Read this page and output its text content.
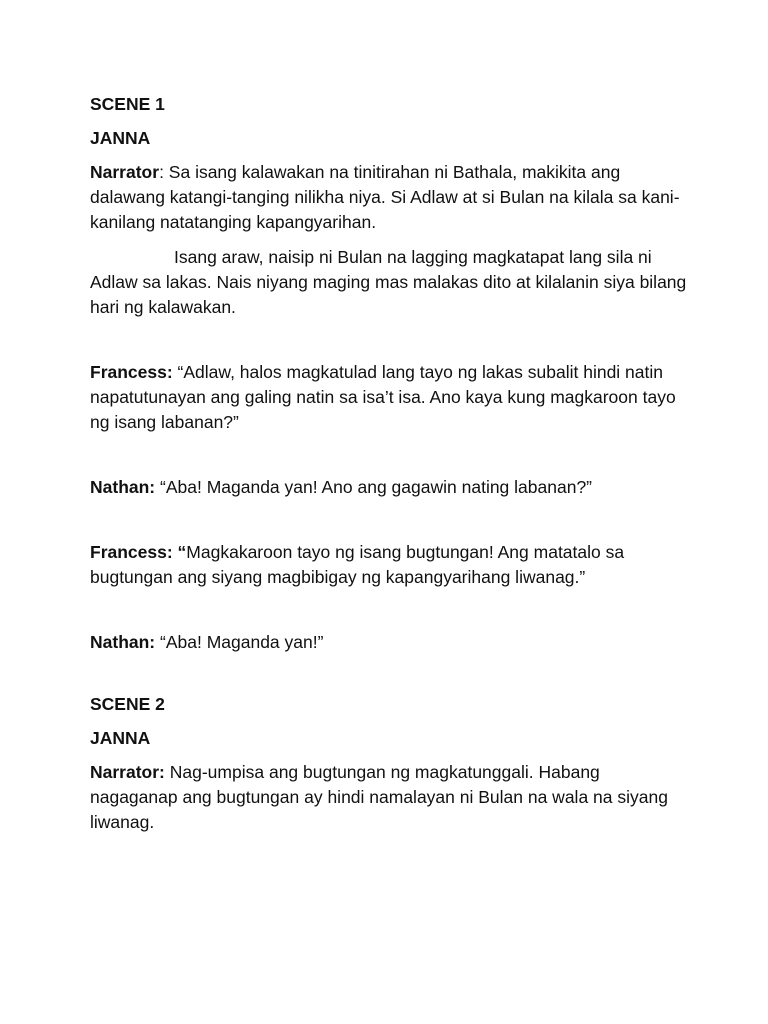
SCENE 1

JANNA

Narrator: Sa isang kalawakan na tinitirahan ni Bathala, makikita ang dalawang katangi-tanging nilikha niya. Si Adlaw at si Bulan na kilala sa kani-kanilang natatanging kapangyarihan.

Isang araw, naisip ni Bulan na lagging magkatapat lang sila ni Adlaw sa lakas. Nais niyang maging mas malakas dito at kilalanin siya bilang hari ng kalawakan.

Francess: “Adlaw, halos magkatulad lang tayo ng lakas subalit hindi natin napatutunayan ang galing natin sa isa’t isa. Ano kaya kung magkaroon tayo ng isang labanan?”

Nathan: “Aba! Maganda yan! Ano ang gagawin nating labanan?”

Francess: “Magkakaroon tayo ng isang bugtungan! Ang matatalo sa bugtungan ang siyang magbibigay ng kapangyarihang liwanag.”

Nathan: “Aba! Maganda yan!”

SCENE 2

JANNA

Narrator: Nag-umpisa ang bugtungan ng magkatunggali. Habang nagaganap ang bugtungan ay hindi namalayan ni Bulan na wala na siyang liwanag.
